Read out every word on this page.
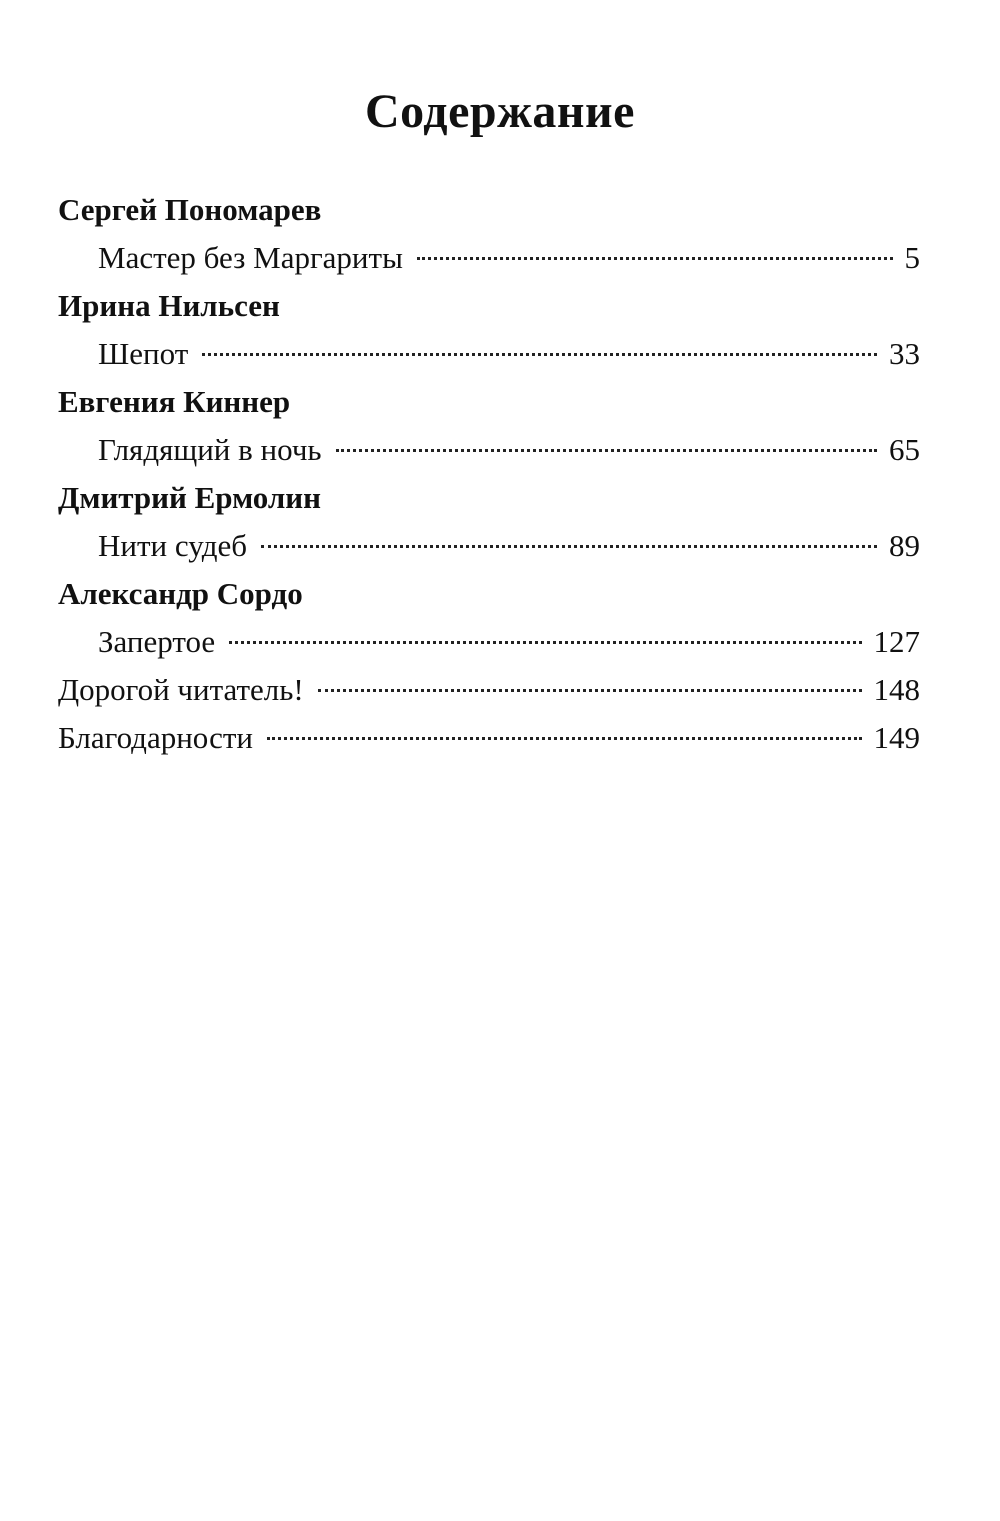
Содержание
Сергей Пономарев
Мастер без Маргариты	5
Ирина Нильсен
Шепот	33
Евгения Киннер
Глядящий в ночь	65
Дмитрий Ермолин
Нити судеб	89
Александр Сордо
Запертое	127
Дорогой читатель!	148
Благодарности	149
